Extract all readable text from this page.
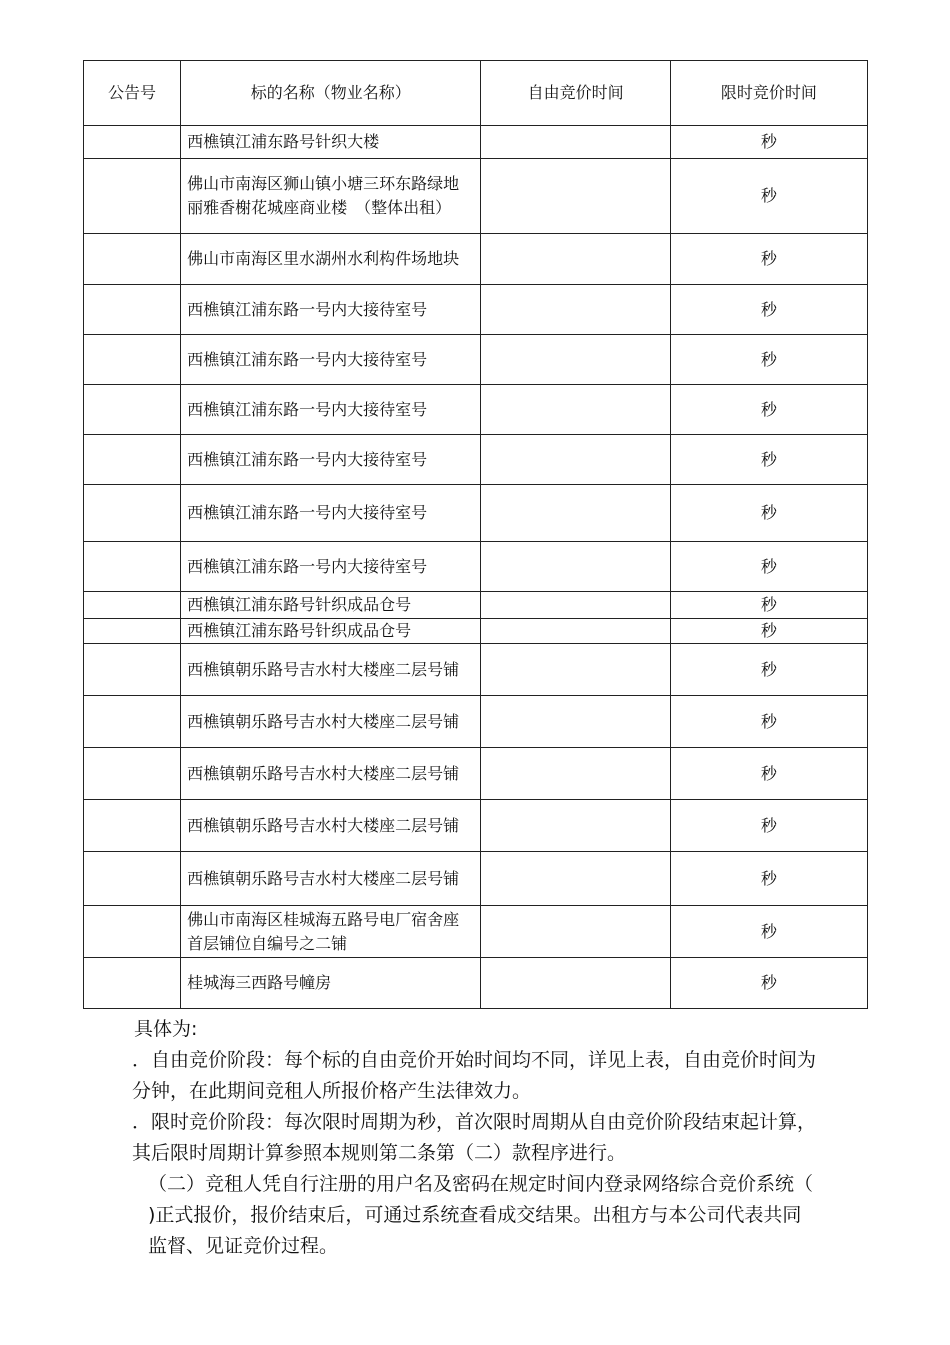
公告号	标的名称（物业名称）	自由竞价时间	限时竞价时间
	西樵镇江浦东路号针织大楼		秒
	佛山市南海区狮山镇小塘三环东路绿地丽雅香榭花城座商业楼　（整体出租）		秒
	佛山市南海区里水湖州水利构件场地块		秒
	西樵镇江浦东路一号内大接待室号		秒
	西樵镇江浦东路一号内大接待室号		秒
	西樵镇江浦东路一号内大接待室号		秒
	西樵镇江浦东路一号内大接待室号		秒
	西樵镇江浦东路一号内大接待室号		秒
	西樵镇江浦东路一号内大接待室号		秒
	西樵镇江浦东路号针织成品仓号		秒
	西樵镇江浦东路号针织成品仓号		秒
	西樵镇朝乐路号吉水村大楼座二层号铺		秒
	西樵镇朝乐路号吉水村大楼座二层号铺		秒
	西樵镇朝乐路号吉水村大楼座二层号铺		秒
	西樵镇朝乐路号吉水村大楼座二层号铺		秒
	西樵镇朝乐路号吉水村大楼座二层号铺		秒
	佛山市南海区桂城海五路号电厂宿舍座首层铺位自编号之二铺		秒
	桂城海三西路号幢房		秒

具体为:

．自由竞价阶段：每个标的自由竞价开始时间均不同，详见上表，自由竞价时间为分钟，在此期间竞租人所报价格产生法律效力。

．限时竞价阶段：每次限时周期为秒，首次限时周期从自由竞价阶段结束起计算，其后限时周期计算参照本规则第二条第（二）款程序进行。

（二）竞租人凭自行注册的用户名及密码在规定时间内登录网络综合竞价系统（ )正式报价，报价结束后，可通过系统查看成交结果。出租方与本公司代表共同监督、见证竞价过程。
